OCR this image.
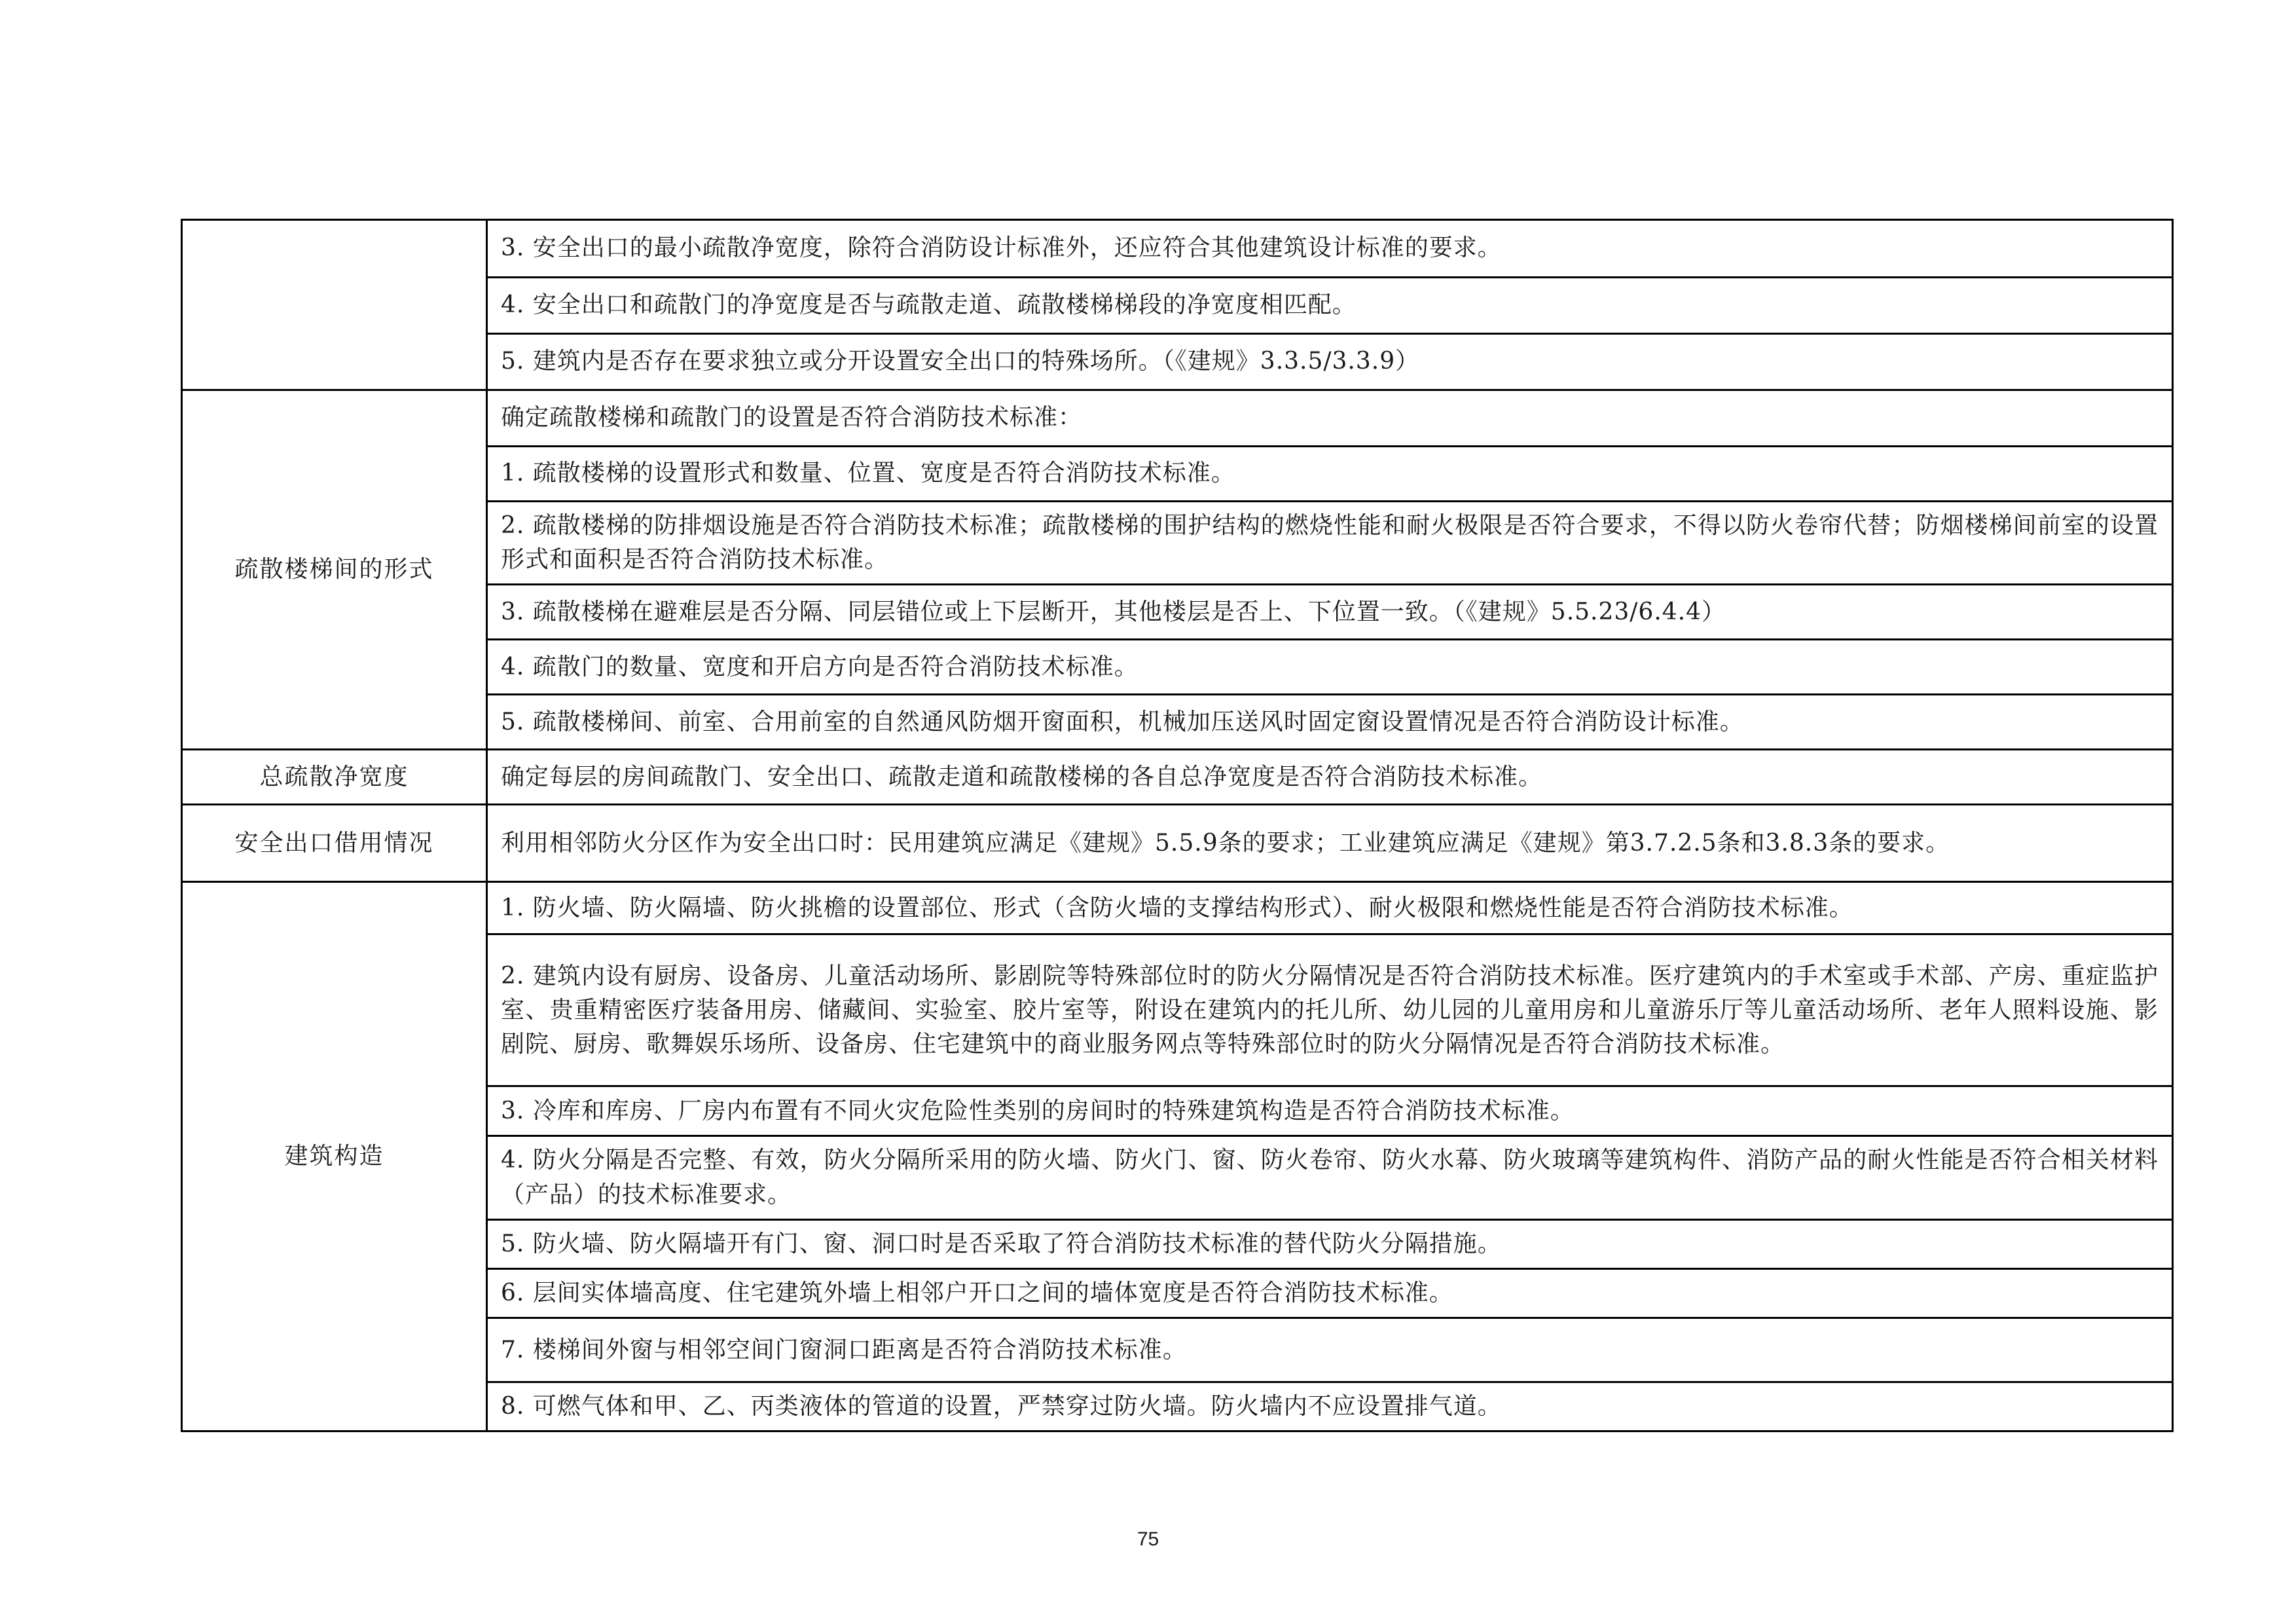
	3. 安全出口的最小疏散净宽度，除符合消防设计标准外，还应符合其他建筑设计标准的要求。
	4. 安全出口和疏散门的净宽度是否与疏散走道、疏散楼梯梯段的净宽度相匹配。
	5. 建筑内是否存在要求独立或分开设置安全出口的特殊场所。（《建规》3.3.5/3.3.9）
疏散楼梯间的形式	确定疏散楼梯和疏散门的设置是否符合消防技术标准：
	1. 疏散楼梯的设置形式和数量、位置、宽度是否符合消防技术标准。
	2. 疏散楼梯的防排烟设施是否符合消防技术标准；疏散楼梯的围护结构的燃烧性能和耐火极限是否符合要求，不得以防火卷帘代替；防烟楼梯间前室的设置形式和面积是否符合消防技术标准。
	3. 疏散楼梯在避难层是否分隔、同层错位或上下层断开，其他楼层是否上、下位置一致。（《建规》5.5.23/6.4.4）
	4. 疏散门的数量、宽度和开启方向是否符合消防技术标准。
	5. 疏散楼梯间、前室、合用前室的自然通风防烟开窗面积，机械加压送风时固定窗设置情况是否符合消防设计标准。
总疏散净宽度	确定每层的房间疏散门、安全出口、疏散走道和疏散楼梯的各自总净宽度是否符合消防技术标准。
安全出口借用情况	利用相邻防火分区作为安全出口时：民用建筑应满足《建规》5.5.9条的要求；工业建筑应满足《建规》第3.7.2.5条和3.8.3条的要求。
建筑构造	1. 防火墙、防火隔墙、防火挑檐的设置部位、形式（含防火墙的支撑结构形式）、耐火极限和燃烧性能是否符合消防技术标准。
	2. 建筑内设有厨房、设备房、儿童活动场所、影剧院等特殊部位时的防火分隔情况是否符合消防技术标准。医疗建筑内的手术室或手术部、产房、重症监护室、贵重精密医疗装备用房、储藏间、实验室、胶片室等，附设在建筑内的托儿所、幼儿园的儿童用房和儿童游乐厅等儿童活动场所、老年人照料设施、影剧院、厨房、歌舞娱乐场所、设备房、住宅建筑中的商业服务网点等特殊部位时的防火分隔情况是否符合消防技术标准。
	3. 冷库和库房、厂房内布置有不同火灾危险性类别的房间时的特殊建筑构造是否符合消防技术标准。
	4. 防火分隔是否完整、有效，防火分隔所采用的防火墙、防火门、窗、防火卷帘、防火水幕、防火玻璃等建筑构件、消防产品的耐火性能是否符合相关材料（产品）的技术标准要求。
	5. 防火墙、防火隔墙开有门、窗、洞口时是否采取了符合消防技术标准的替代防火分隔措施。
	6. 层间实体墙高度、住宅建筑外墙上相邻户开口之间的墙体宽度是否符合消防技术标准。
	7. 楼梯间外窗与相邻空间门窗洞口距离是否符合消防技术标准。
	8. 可燃气体和甲、乙、丙类液体的管道的设置，严禁穿过防火墙。防火墙内不应设置排气道。
75
